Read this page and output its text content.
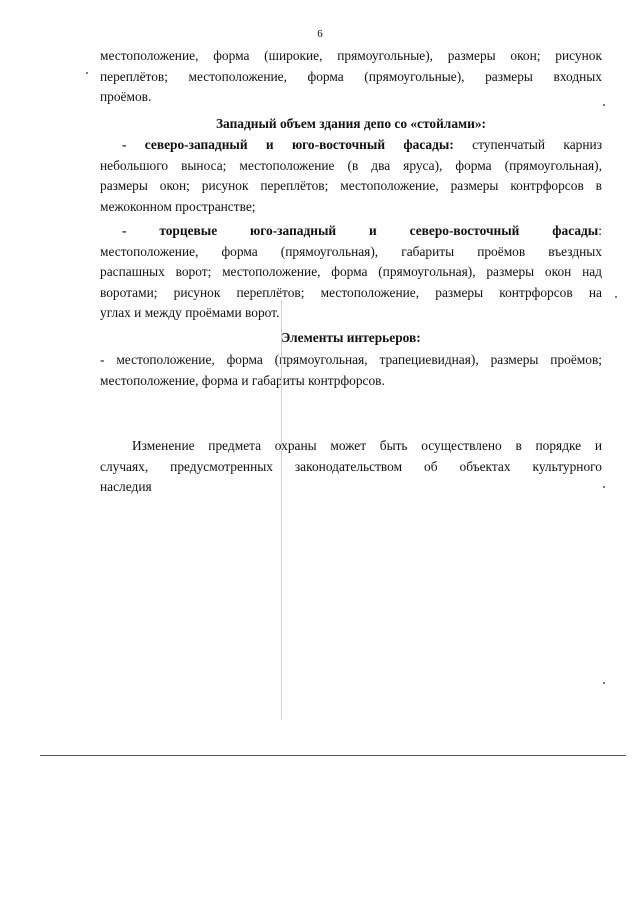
6
местоположение, форма (широкие, прямоугольные), размеры окон; рисунок
переплётов; местоположение, форма (прямоугольные), размеры входных
проёмов.
Западный объем здания депо со «стойлами»:
- северо-западный и юго-восточный фасады: ступенчатый карниз
небольшого выноса; местоположение (в два яруса), форма (прямоугольная),
размеры окон; рисунок переплётов; местоположение, размеры контрфорсов в
межоконном пространстве;
- торцевые юго-западный и северо-восточный фасады:
местоположение, форма (прямоугольная), габариты проёмов въездных
распашных ворот; местоположение, форма (прямоугольная), размеры окон над
воротами; рисунок переплётов; местоположение, размеры контрфорсов на
углах и между проёмами ворот.
Элементы интерьеров:
- местоположение, форма (прямоугольная, трапециевидная), размеры проёмов;
местоположение, форма и габариты контрфорсов.
Изменение предмета охраны может быть осуществлено в порядке и
случаях, предусмотренных законодательством об объектах культурного
наследия
